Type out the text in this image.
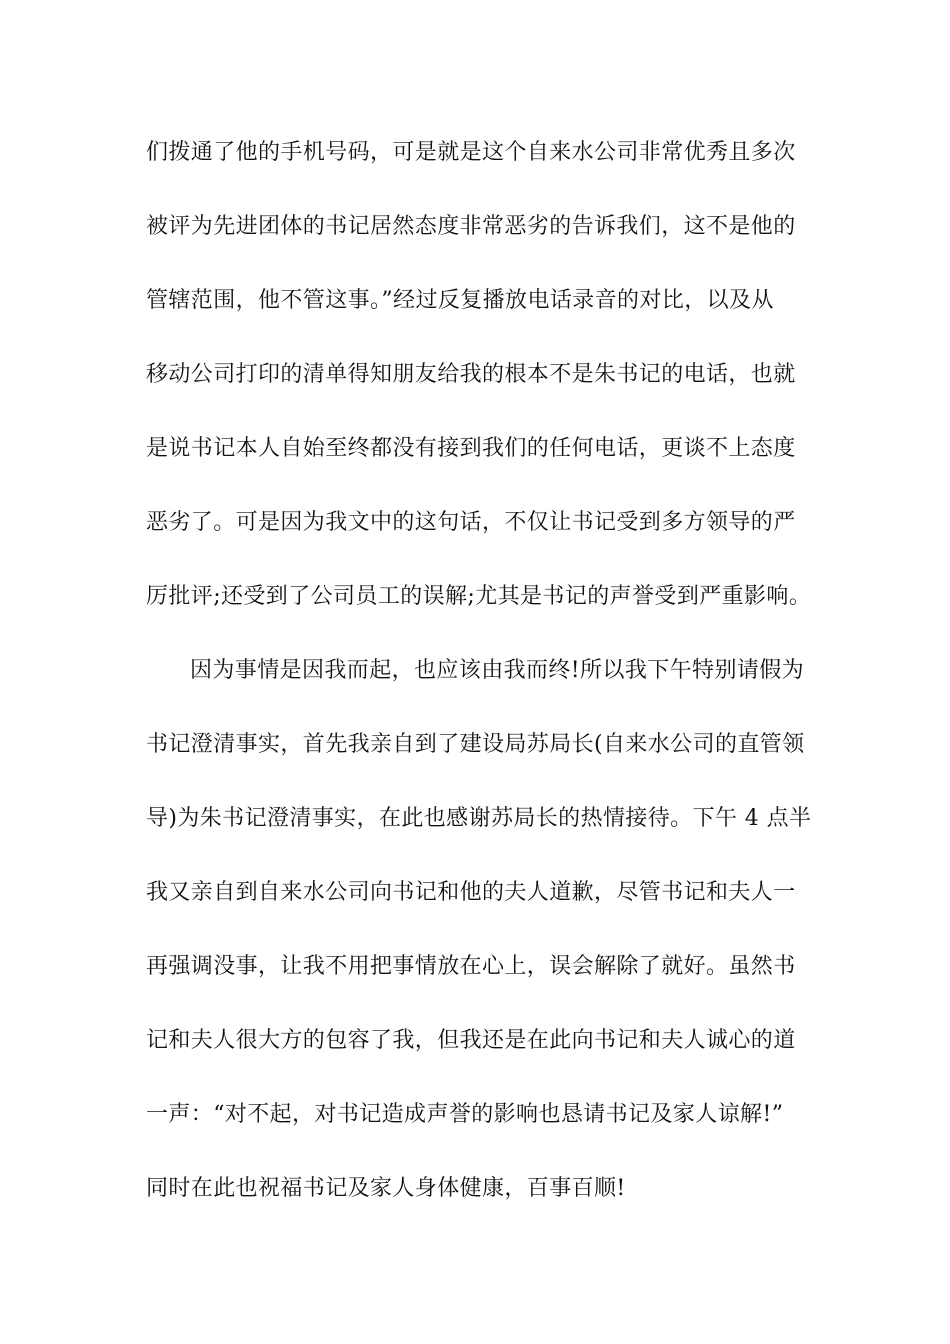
们拨通了他的手机号码，可是就是这个自来水公司非常优秀且多次
被评为先进团体的书记居然态度非常恶劣的告诉我们，这不是他的
管辖范围，他不管这事。”经过反复播放电话录音的对比，以及从
移动公司打印的清单得知朋友给我的根本不是朱书记的电话，也就
是说书记本人自始至终都没有接到我们的任何电话，更谈不上态度
恶劣了。可是因为我文中的这句话，不仅让书记受到多方领导的严
厉批评;还受到了公司员工的误解;尤其是书记的声誉受到严重影响。
因为事情是因我而起，也应该由我而终!所以我下午特别请假为
书记澄清事实，首先我亲自到了建设局苏局长(自来水公司的直管领
导)为朱书记澄清事实，在此也感谢苏局长的热情接待。下午 4 点半
我又亲自到自来水公司向书记和他的夫人道歉，尽管书记和夫人一
再强调没事，让我不用把事情放在心上，误会解除了就好。虽然书
记和夫人很大方的包容了我，但我还是在此向书记和夫人诚心的道
一声：“对不起，对书记造成声誉的影响也恳请书记及家人谅解!”
同时在此也祝福书记及家人身体健康，百事百顺!
